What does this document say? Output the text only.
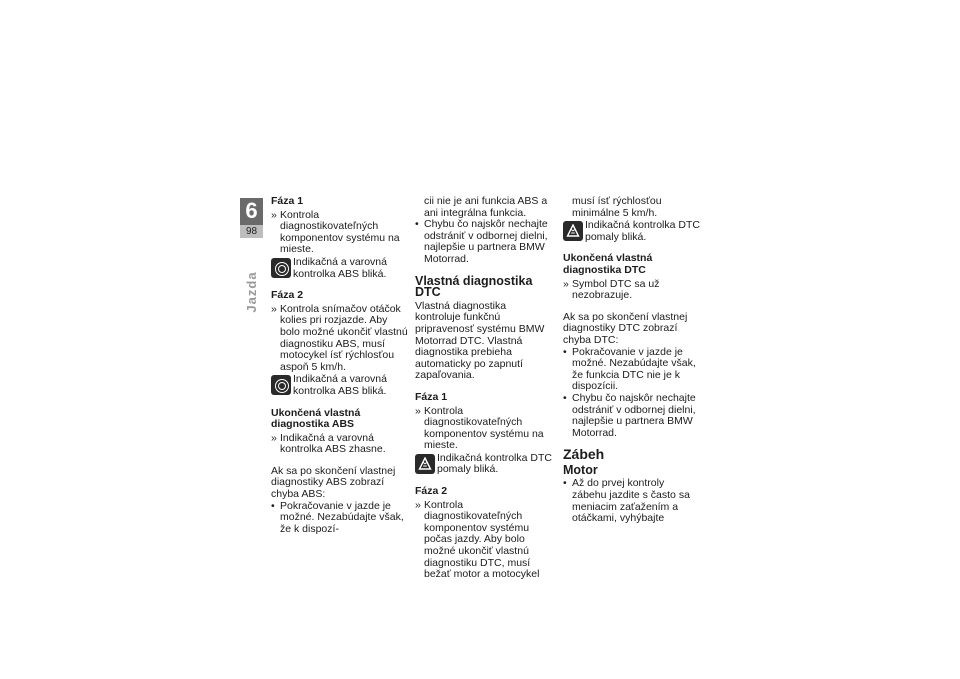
6
98
Jazda
Fáza 1
» Kontrola diagnostikovateľných komponentov systému na mieste.
Indikačná a varovná kontrolka ABS bliká.
Fáza 2
» Kontrola snímačov otáčok kolies pri rozjazde. Aby bolo možné ukončiť vlastnú diagnostiku ABS, musí motocykel ísť rýchlosťou aspoň 5 km/h.
Indikačná a varovná kontrolka ABS bliká.
Ukončená vlastná diagnostika ABS
» Indikačná a varovná kontrolka ABS zhasne.
Ak sa po skončení vlastnej diagnostiky ABS zobrazí chyba ABS:
• Pokračovanie v jazde je možné. Nezabúdajte však, že k dispozí-
cii nie je ani funkcia ABS a ani integrálna funkcia.
• Chybu čo najskôr nechajte odstrániť v odbornej dielni, najlepšie u partnera BMW Motorrad.
Vlastná diagnostika DTC
Vlastná diagnostika kontroluje funkčnú pripravenosť systému BMW Motorrad DTC. Vlastná diagnostika prebieha automaticky po zapnutí zapaľovania.
Fáza 1
» Kontrola diagnostikovateľných komponentov systému na mieste.
Indikačná kontrolka DTC pomaly bliká.
Fáza 2
» Kontrola diagnostikovateľných komponentov systému počas jazdy. Aby bolo možné ukončiť vlastnú diagnostiku DTC, musí bežať motor a motocykel
musí ísť rýchlosťou minimálne 5 km/h.
Indikačná kontrolka DTC pomaly bliká.
Ukončená vlastná diagnostika DTC
» Symbol DTC sa už nezobrazuje.
Ak sa po skončení vlastnej diagnostiky DTC zobrazí chyba DTC:
• Pokračovanie v jazde je možné. Nezabúdajte však, že funkcia DTC nie je k dispozícii.
• Chybu čo najskôr nechajte odstrániť v odbornej dielni, najlepšie u partnera BMW Motorrad.
Zábeh
Motor
• Až do prvej kontroly zábehu jazdite s často sa meniacim zaťažením a otáčkami, vyhýbajte
